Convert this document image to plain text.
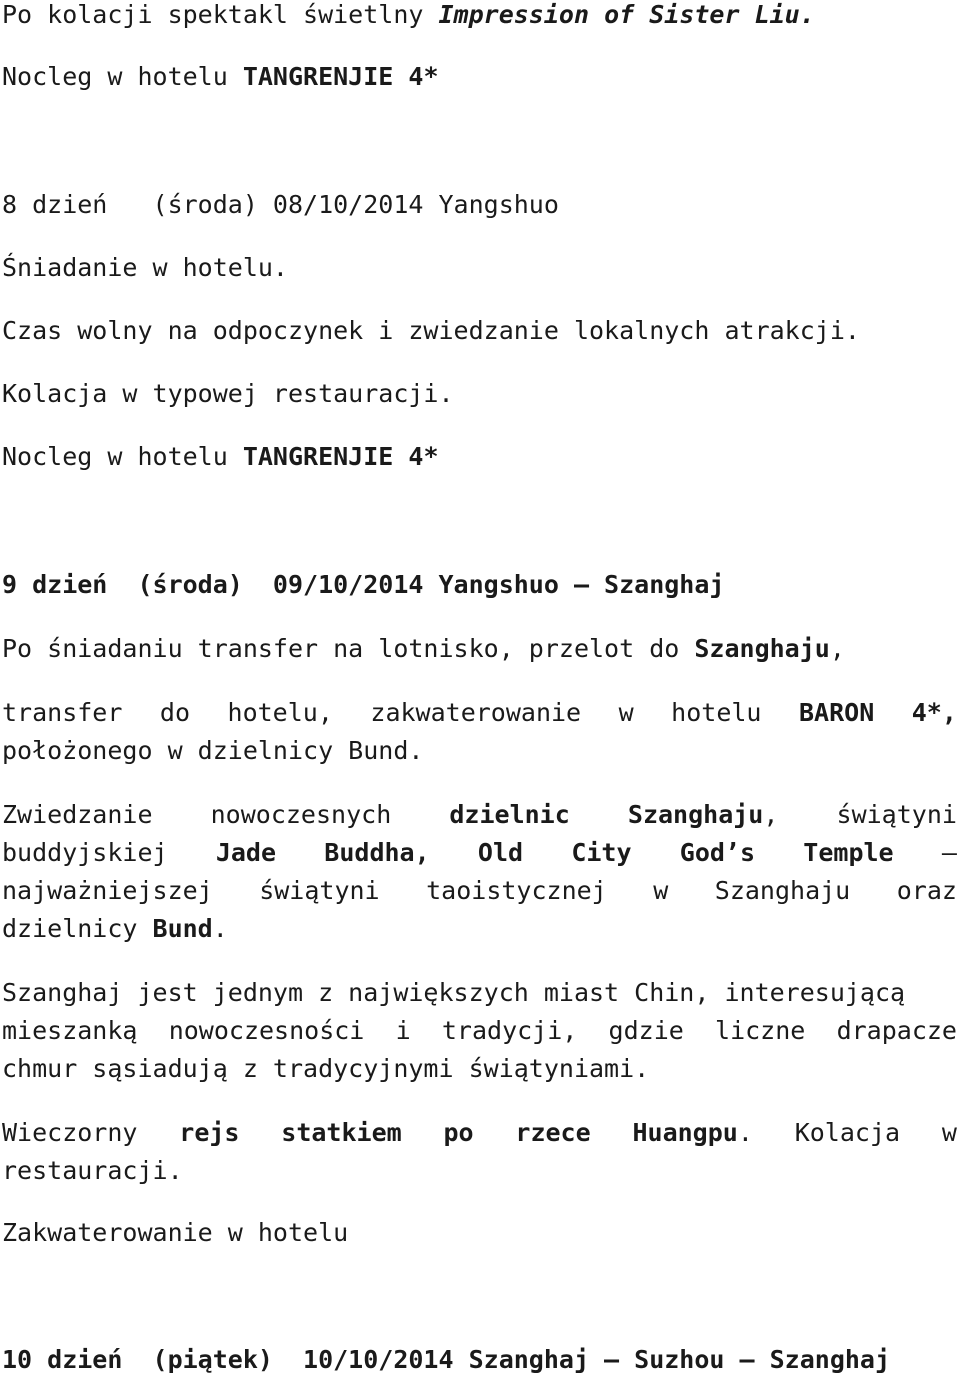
Po kolacji spektakl świetlny Impression of Sister Liu.
Nocleg w hotelu TANGRENJIE 4*
8 dzień   (środa) 08/10/2014 Yangshuo
Śniadanie w hotelu.
Czas wolny na odpoczynek i zwiedzanie lokalnych atrakcji.
Kolacja w typowej restauracji.
Nocleg w hotelu TANGRENJIE 4*
9 dzień  (środa)  09/10/2014 Yangshuo – Szanghaj
Po śniadaniu transfer na lotnisko, przelot do Szanghaju,
transfer do hotelu, zakwaterowanie w hotelu BARON 4*,
położonego w dzielnicy Bund.
Zwiedzanie nowoczesnych dzielnic Szanghaju, świątyni
buddyjskiej Jade Buddha, Old City God’s Temple –
najważniejszej świątyni taoistycznej w Szanghaju oraz
dzielnicy Bund.
Szanghaj jest jednym z największych miast Chin, interesującą
mieszanką nowoczesności i tradycji, gdzie liczne drapacze
chmur sąsiadują z tradycyjnymi świątyniami.
Wieczorny rejs statkiem po rzece Huangpu. Kolacja w
restauracji.
Zakwaterowanie w hotelu
10 dzień  (piątek)  10/10/2014 Szanghaj – Suzhou – Szanghaj
